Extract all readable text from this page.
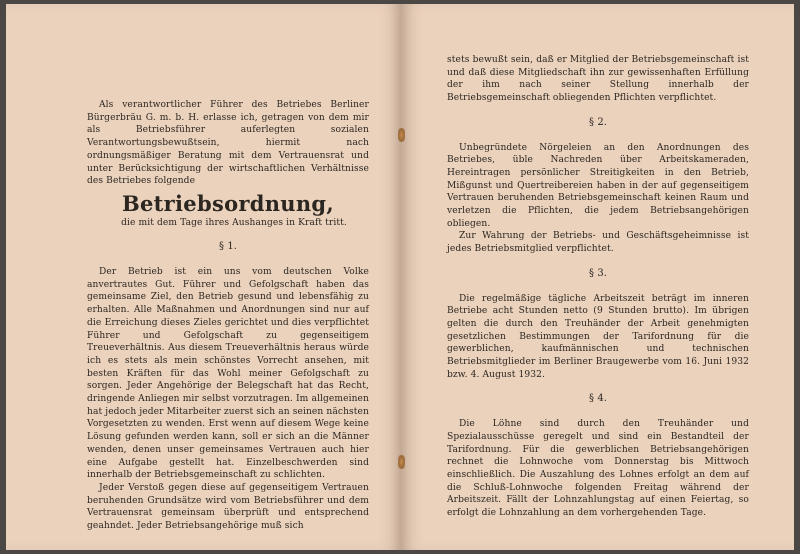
Als verantwortlicher Führer des Betriebes Berliner Bürgerbräu G. m. b. H. erlasse ich, getragen von dem mir als Betriebsführer auferlegten sozialen Verantwortungsbewußtsein, hiermit nach ordnungsmäßiger Beratung mit dem Vertrauensrat und unter Berücksichtigung der wirtschaftlichen Verhältnisse des Betriebes folgende

Betriebsordnung,

die mit dem Tage ihres Aushanges in Kraft tritt.

§ 1.

Der Betrieb ist ein uns vom deutschen Volke anvertrautes Gut. Führer und Gefolgschaft haben das gemeinsame Ziel, den Betrieb gesund und lebensfähig zu erhalten. Alle Maßnahmen und Anordnungen sind nur auf die Erreichung dieses Zieles gerichtet und dies verpflichtet Führer und Gefolgschaft zu gegenseitigem Treueverhältnis. Aus diesem Treueverhältnis heraus würde ich es stets als mein schönstes Vorrecht ansehen, mit besten Kräften für das Wohl meiner Gefolgschaft zu sorgen. Jeder Angehörige der Belegschaft hat das Recht, dringende Anliegen mir selbst vorzutragen. Im allgemeinen hat jedoch jeder Mitarbeiter zuerst sich an seinen nächsten Vorgesetzten zu wenden. Erst wenn auf diesem Wege keine Lösung gefunden werden kann, soll er sich an die Männer wenden, denen unser gemeinsames Vertrauen auch hier eine Aufgabe gestellt hat. Einzelbeschwerden sind innerhalb der Betriebsgemeinschaft zu schlichten.

Jeder Verstoß gegen diese auf gegenseitigem Vertrauen beruhenden Grundsätze wird vom Betriebsführer und dem Vertrauensrat gemeinsam überprüft und entsprechend geahndet. Jeder Betriebsangehörige muß sich

stets bewußt sein, daß er Mitglied der Betriebsgemeinschaft ist und daß diese Mitgliedschaft ihn zur gewissenhaften Erfüllung der ihm nach seiner Stellung innerhalb der Betriebsgemeinschaft obliegenden Pflichten verpflichtet.

§ 2.

Unbegründete Nörgeleien an den Anordnungen des Betriebes, üble Nachreden über Arbeitskameraden, Hereintragen persönlicher Streitigkeiten in den Betrieb, Mißgunst und Quertreibereien haben in der auf gegenseitigem Vertrauen beruhenden Betriebsgemeinschaft keinen Raum und verletzen die Pflichten, die jedem Betriebsangehörigen obliegen.

Zur Wahrung der Betriebs- und Geschäftsgeheimnisse ist jedes Betriebsmitglied verpflichtet.

§ 3.

Die regelmäßige tägliche Arbeitszeit beträgt im inneren Betriebe acht Stunden netto (9 Stunden brutto). Im übrigen gelten die durch den Treuhänder der Arbeit genehmigten gesetzlichen Bestimmungen der Tarifordnung für die gewerblichen, kaufmännischen und technischen Betriebsmitglieder im Berliner Braugewerbe vom 16. Juni 1932 bzw. 4. August 1932.

§ 4.

Die Löhne sind durch den Treuhänder und Spezialausschüsse geregelt und sind ein Bestandteil der Tarifordnung. Für die gewerblichen Betriebsangehörigen rechnet die Lohnwoche vom Donnerstag bis Mittwoch einschließlich. Die Auszahlung des Lohnes erfolgt an dem auf die Schluß-Lohnwoche folgenden Freitag während der Arbeitszeit. Fällt der Lohnzahlungstag auf einen Feiertag, so erfolgt die Lohnzahlung an dem vorhergehenden Tage.
